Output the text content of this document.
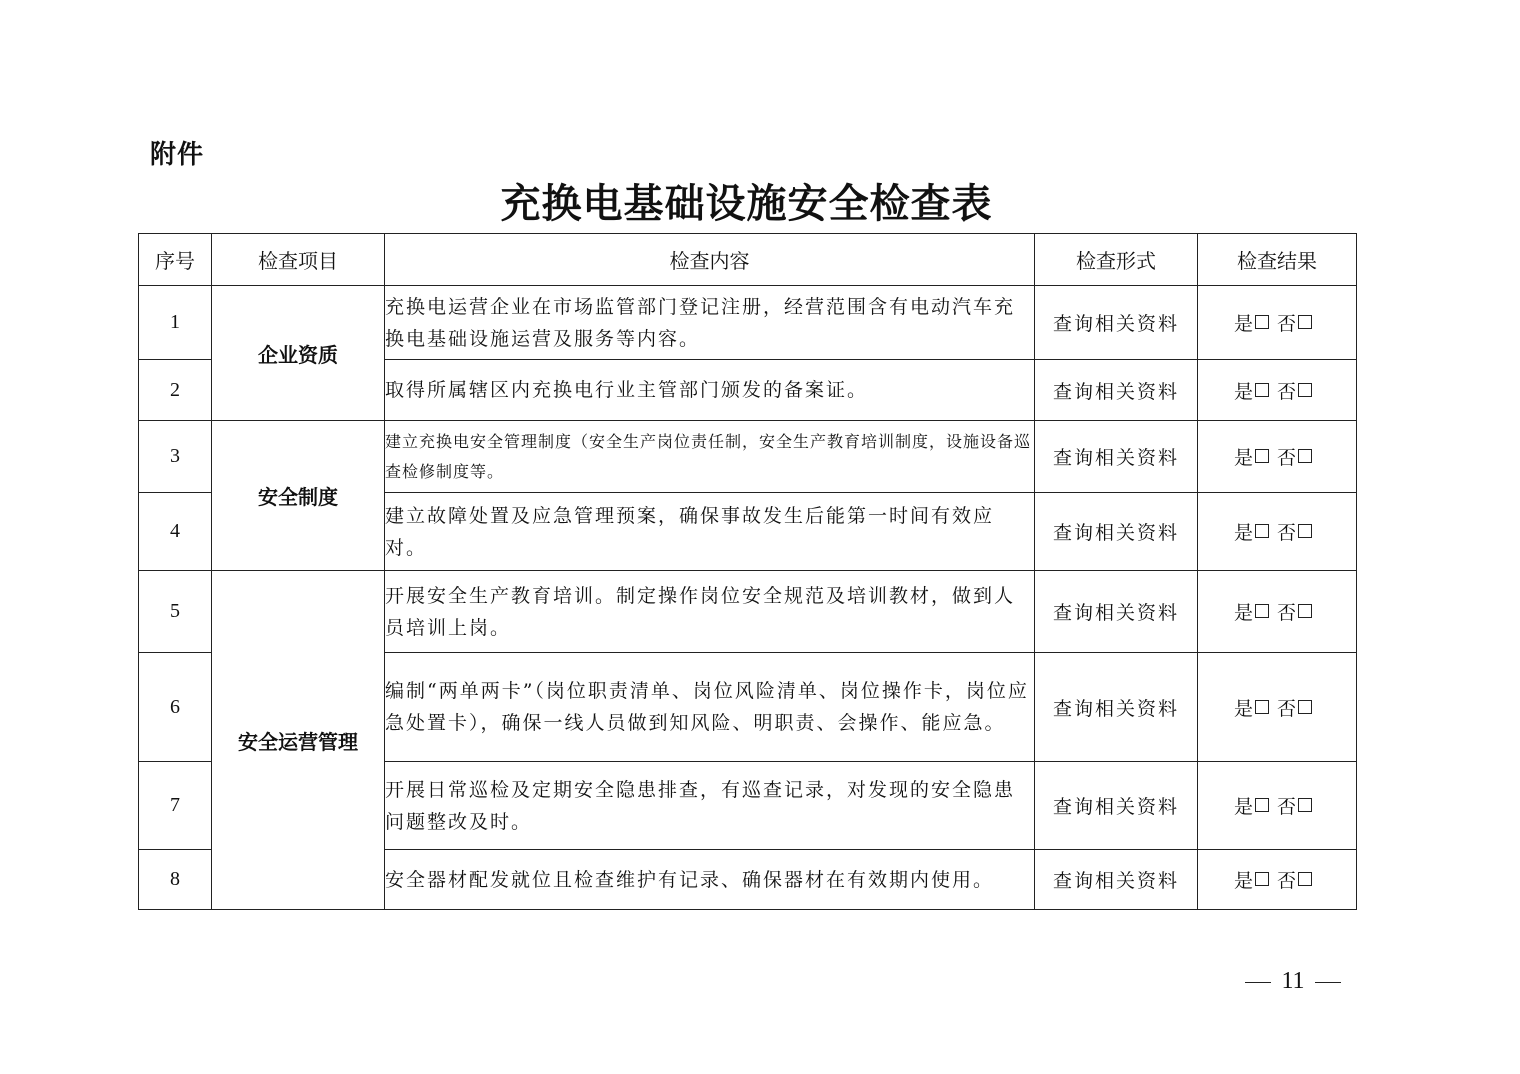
附件
充换电基础设施安全检查表
序号	检查项目	检查内容	检查形式	检查结果
1	企业资质	充换电运营企业在市场监管部门登记注册，经营范围含有电动汽车充换电基础设施运营及服务等内容。	查询相关资料	是 否
2		取得所属辖区内充换电行业主管部门颁发的备案证。	查询相关资料	是 否
3	安全制度	建立充换电安全管理制度（安全生产岗位责任制，安全生产教育培训制度，设施设备巡查检修制度等。	查询相关资料	是 否
4		建立故障处置及应急管理预案，确保事故发生后能第一时间有效应对。	查询相关资料	是 否
5	安全运营管理	开展安全生产教育培训。制定操作岗位安全规范及培训教材，做到人员培训上岗。	查询相关资料	是 否
6		编制“两单两卡”（岗位职责清单、岗位风险清单、岗位操作卡，岗位应急处置卡），确保一线人员做到知风险、明职责、会操作、能应急。	查询相关资料	是 否
7		开展日常巡检及定期安全隐患排查，有巡查记录，对发现的安全隐患问题整改及时。	查询相关资料	是 否
8		安全器材配发就位且检查维护有记录、确保器材在有效期内使用。	查询相关资料	是 否
11
